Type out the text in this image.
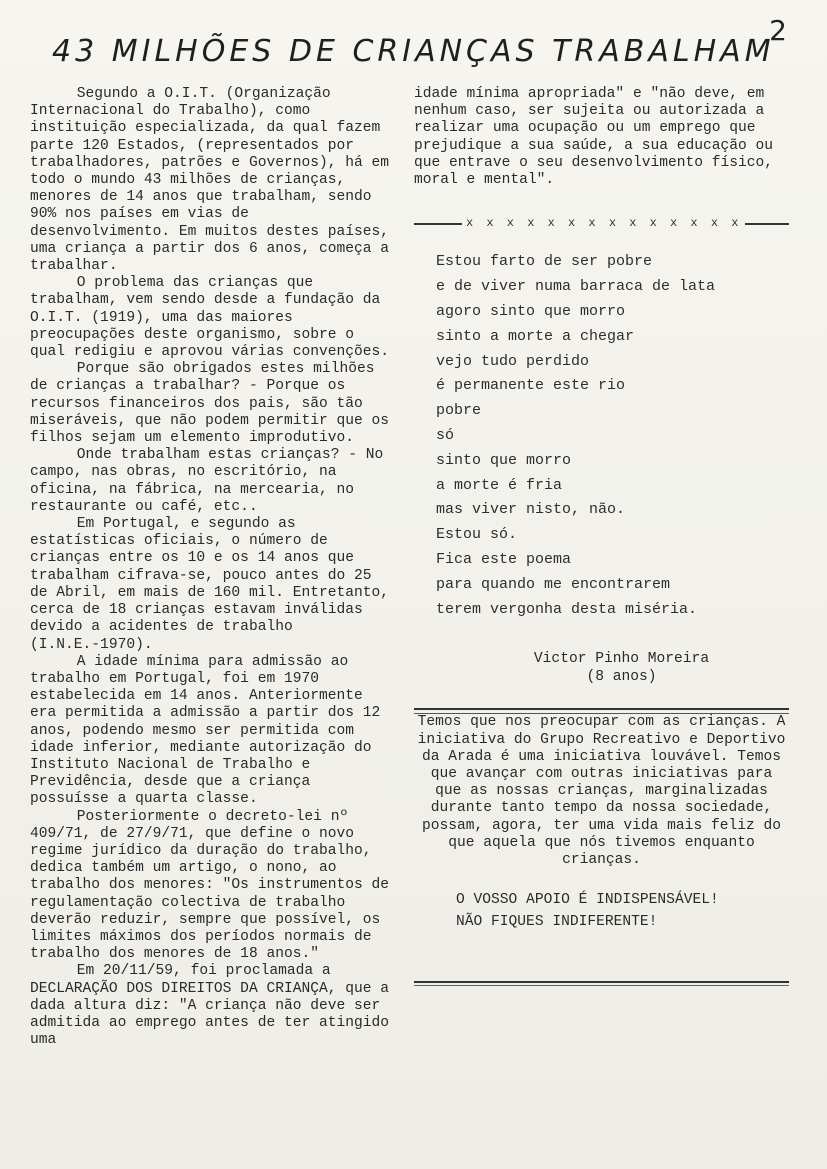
2
43 MILHÕES DE CRIANÇAS TRABALHAM

Segundo a O.I.T. (Organização Internacional do Trabalho), como instituição especializada, da qual fazem parte 120 Estados, (representados por trabalhadores, patrões e Governos), há em todo o mundo 43 milhões de crianças, menores de 14 anos que trabalham, sendo 90% nos países em vias de desenvolvimento. Em muitos destes países, uma criança a partir dos 6 anos, começa a trabalhar.

O problema das crianças que trabalham, vem sendo desde a fundação da O.I.T. (1919), uma das maiores preocupações deste organismo, sobre o qual redigiu e aprovou várias convenções.

Porque são obrigados estes milhões de crianças a trabalhar? - Porque os recursos financeiros dos pais, são tão miseráveis, que não podem permitir que os filhos sejam um elemento improdutivo.

Onde trabalham estas crianças? - No campo, nas obras, no escritório, na oficina, na fábrica, na mercearia, no restaurante ou café, etc..

Em Portugal, e segundo as estatísticas oficiais, o número de crianças entre os 10 e os 14 anos que trabalham cifrava-se, pouco antes do 25 de Abril, em mais de 160 mil. Entretanto, cerca de 18 crianças estavam inválidas devido a acidentes de trabalho (I.N.E.-1970).

A idade mínima para admissão ao trabalho em Portugal, foi em 1970 estabelecida em 14 anos. Anteriormente era permitida a admissão a partir dos 12 anos, podendo mesmo ser permitida com idade inferior, mediante autorização do Instituto Nacional de Trabalho e Previdência, desde que a criança possuísse a quarta classe.

Posteriormente o decreto-lei nº 409/71, de 27/9/71, que define o novo regime jurídico da duração do trabalho, dedica também um artigo, o nono, ao trabalho dos menores: "Os instrumentos de regulamentação colectiva de trabalho deverão reduzir, sempre que possível, os limites máximos dos períodos normais de trabalho dos menores de 18 anos."

Em 20/11/59, foi proclamada a DECLARAÇÃO DOS DIREITOS DA CRIANÇA, que a dada altura diz: "A criança não deve ser admitida ao emprego antes de ter atingido uma

idade mínima apropriada" e "não deve, em nenhum caso, ser sujeita ou autorizada a realizar uma ocupação ou um emprego que prejudique a sua saúde, a sua educação ou que entrave o seu desenvolvimento físico, moral e mental".

x x x x x x x x x x x x x x
Estou farto de ser pobre
e de viver numa barraca de lata
agoro sinto que morro
sinto a morte a chegar
vejo tudo perdido
é permanente este rio
pobre
só
sinto que morro
a morte é fria
mas viver nisto, não.
Estou só.
Fica este poema
para quando me encontrarem
terem vergonha desta miséria.
Victor Pinho Moreira
(8 anos)

Temos que nos preocupar com as crianças. A iniciativa do Grupo Recreativo e Deportivo da Arada é uma iniciativa louvável. Temos que avançar com outras iniciativas para que as nossas crianças, marginalizadas durante tanto tempo da nossa sociedade, possam, agora, ter uma vida mais feliz do que aquela que nós tivemos enquanto crianças.

O VOSSO APOIO É INDISPENSÁVEL!
NÃO FIQUES INDIFERENTE!
